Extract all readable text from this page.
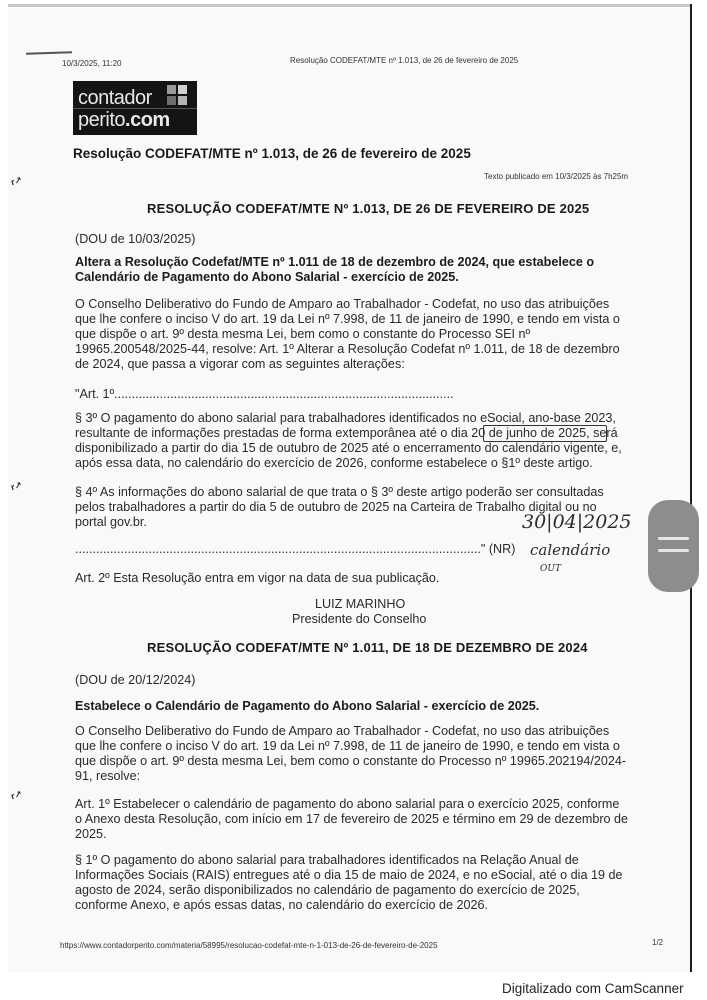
10/3/2025, 11:20	Resolução CODEFAT/MTE nº 1.013, de 26 de fevereiro de 2025
contador
perito.com
Resolução CODEFAT/MTE nº 1.013, de 26 de fevereiro de 2025
Texto publicado em 10/3/2025 às 7h25m
r↗
r↗
r↗
RESOLUÇÃO CODEFAT/MTE Nº 1.013, DE 26 DE FEVEREIRO DE 2025
(DOU de 10/03/2025)
Altera a Resolução Codefat/MTE nº 1.011 de 18 de dezembro de 2024, que estabelece o
Calendário de Pagamento do Abono Salarial - exercício de 2025.
O Conselho Deliberativo do Fundo de Amparo ao Trabalhador - Codefat, no uso das atribuições
que lhe confere o inciso V do art. 19 da Lei nº 7.998, de 11 de janeiro de 1990, e tendo em vista o
que dispõe o art. 9º desta mesma Lei, bem como o constante do Processo SEI nº
19965.200548/2025-44, resolve: Art. 1º Alterar a Resolução Codefat nº 1.011, de 18 de dezembro
de 2024, que passa a vigorar com as seguintes alterações:
"Art. 1º.................................................................................................
§ 3º O pagamento do abono salarial para trabalhadores identificados no eSocial, ano-base 2023,
resultante de informações prestadas de forma extemporânea até o dia 20 de junho de 2025, será
disponibilizado a partir do dia 15 de outubro de 2025 até o encerramento do calendário vigente, e,
após essa data, no calendário do exercício de 2026, conforme estabelece o §1º deste artigo.
§ 4º As informações do abono salarial de que trata o § 3º deste artigo poderão ser consultadas
pelos trabalhadores a partir do dia 5 de outubro de 2025 na Carteira de Trabalho digital ou no
portal gov.br.
...................................................................................................................." (NR)
30|04|2025
calendário
OUT
Art. 2º Esta Resolução entra em vigor na data de sua publicação.
LUIZ MARINHO
Presidente do Conselho
RESOLUÇÃO CODEFAT/MTE Nº 1.011, DE 18 DE DEZEMBRO DE 2024
(DOU de 20/12/2024)
Estabelece o Calendário de Pagamento do Abono Salarial - exercício de 2025.
O Conselho Deliberativo do Fundo de Amparo ao Trabalhador - Codefat, no uso das atribuições
que lhe confere o inciso V do art. 19 da Lei nº 7.998, de 11 de janeiro de 1990, e tendo em vista o
que dispõe o art. 9º desta mesma Lei, bem como o constante do Processo nº 19965.202194/2024-
91, resolve:
Art. 1º Estabelecer o calendário de pagamento do abono salarial para o exercício 2025, conforme
o Anexo desta Resolução, com início em 17 de fevereiro de 2025 e término em 29 de dezembro de
2025.
§ 1º O pagamento do abono salarial para trabalhadores identificados na Relação Anual de
Informações Sociais (RAIS) entregues até o dia 15 de maio de 2024, e no eSocial, até o dia 19 de
agosto de 2024, serão disponibilizados no calendário de pagamento do exercício de 2025,
conforme Anexo, e após essas datas, no calendário do exercício de 2026.
https://www.contadorperito.com/materia/58995/resolucao-codefat-mte-n-1-013-de-26-de-fevereiro-de-2025	1/2
Digitalizado com CamScanner
